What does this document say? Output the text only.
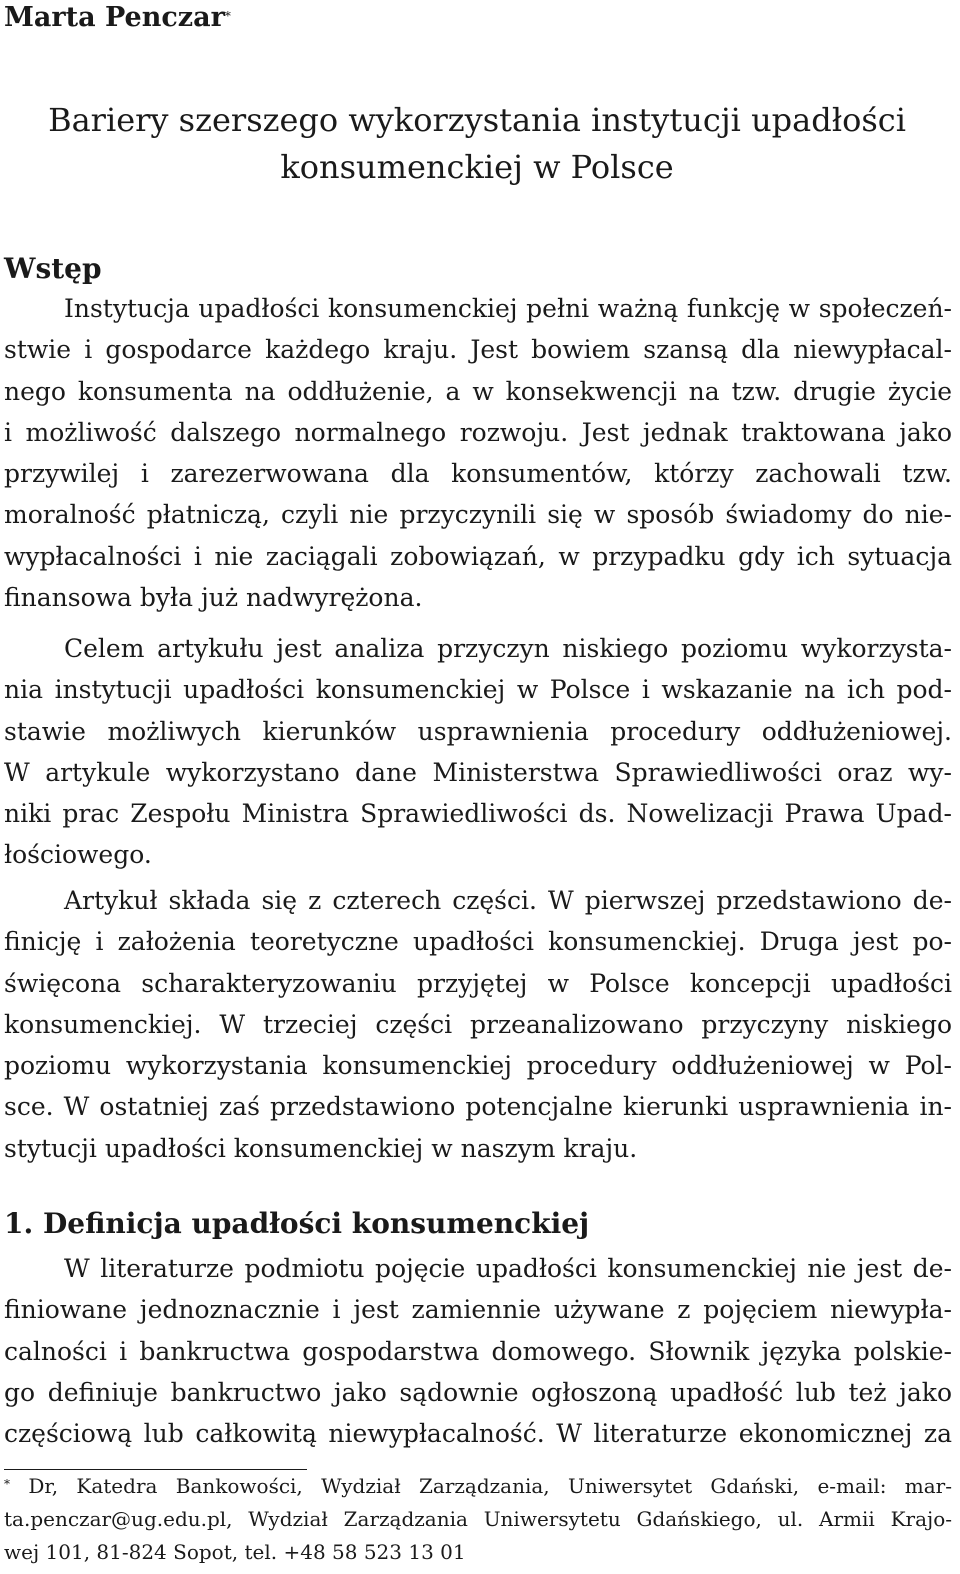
Marta Penczar*
Bariery szerszego wykorzystania instytucji upadłości
konsumenckiej w Polsce
Wstęp

Instytucja upadłości konsumenckiej pełni ważną funkcję w społeczeń-
stwie i gospodarce każdego kraju. Jest bowiem szansą dla niewypłacal-
nego konsumenta na oddłużenie, a w konsekwencji na tzw. drugie życie
i możliwość dalszego normalnego rozwoju. Jest jednak traktowana jako
przywilej i zarezerwowana dla konsumentów, którzy zachowali tzw.
moralność płatniczą, czyli nie przyczynili się w sposób świadomy do nie-
wypłacalności i nie zaciągali zobowiązań, w przypadku gdy ich sytuacja
finansowa była już nadwyrężona.

Celem artykułu jest analiza przyczyn niskiego poziomu wykorzysta-
nia instytucji upadłości konsumenckiej w Polsce i wskazanie na ich pod-
stawie możliwych kierunków usprawnienia procedury oddłużeniowej.
W artykule wykorzystano dane Ministerstwa Sprawiedliwości oraz wy-
niki prac Zespołu Ministra Sprawiedliwości ds. Nowelizacji Prawa Upad-
łościowego.

Artykuł składa się z czterech części. W pierwszej przedstawiono de-
finicję i założenia teoretyczne upadłości konsumenckiej. Druga jest po-
święcona scharakteryzowaniu przyjętej w Polsce koncepcji upadłości
konsumenckiej. W trzeciej części przeanalizowano przyczyny niskiego
poziomu wykorzystania konsumenckiej procedury oddłużeniowej w Pol-
sce. W ostatniej zaś przedstawiono potencjalne kierunki usprawnienia in-
stytucji upadłości konsumenckiej w naszym kraju.

1. Definicja upadłości konsumenckiej

W literaturze podmiotu pojęcie upadłości konsumenckiej nie jest de-
finiowane jednoznacznie i jest zamiennie używane z pojęciem niewypła-
calności i bankructwa gospodarstwa domowego. Słownik języka polskie-
go definiuje bankructwo jako sądownie ogłoszoną upadłość lub też jako
częściową lub całkowitą niewypłacalność. W literaturze ekonomicznej za

* Dr, Katedra Bankowości, Wydział Zarządzania, Uniwersytet Gdański, e-mail: mar-
ta.penczar@ug.edu.pl, Wydział Zarządzania Uniwersytetu Gdańskiego, ul. Armii Krajo-
wej 101, 81-824 Sopot, tel. +48 58 523 13 01
